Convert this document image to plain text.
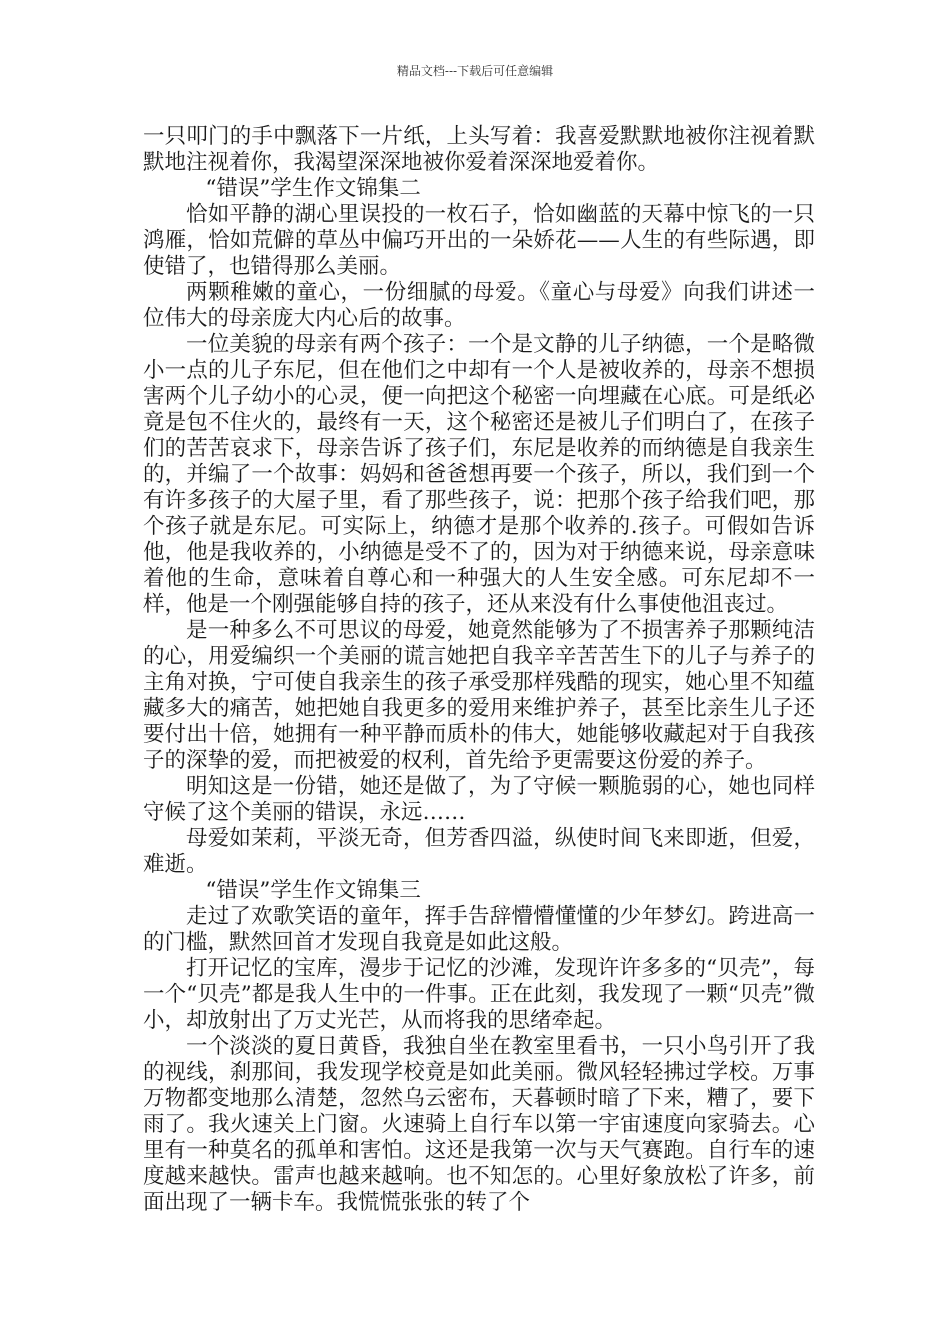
精品文档---下载后可任意编辑

一只叩门的手中飘落下一片纸，上头写着：我喜爱默默地被你注视着默默地注视着你，我渴望深深地被你爱着深深地爱着你。

“错误”学生作文锦集二

恰如平静的湖心里误投的一枚石子，恰如幽蓝的天幕中惊飞的一只鸿雁，恰如荒僻的草丛中偏巧开出的一朵娇花——人生的有些际遇，即使错了，也错得那么美丽。

两颗稚嫩的童心，一份细腻的母爱。《童心与母爱》向我们讲述一位伟大的母亲庞大内心后的故事。

一位美貌的母亲有两个孩子：一个是文静的儿子纳德，一个是略微小一点的儿子东尼，但在他们之中却有一个人是被收养的，母亲不想损害两个儿子幼小的心灵，便一向把这个秘密一向埋藏在心底。可是纸必竟是包不住火的，最终有一天，这个秘密还是被儿子们明白了，在孩子们的苦苦哀求下，母亲告诉了孩子们，东尼是收养的而纳德是自我亲生的，并编了一个故事：妈妈和爸爸想再要一个孩子，所以，我们到一个有许多孩子的大屋子里，看了那些孩子，说：把那个孩子给我们吧，那个孩子就是东尼。可实际上，纳德才是那个收养的.孩子。可假如告诉他，他是我收养的，小纳德是受不了的，因为对于纳德来说，母亲意味着他的生命，意味着自尊心和一种强大的人生安全感。可东尼却不一样，他是一个刚强能够自持的孩子，还从来没有什么事使他沮丧过。

是一种多么不可思议的母爱，她竟然能够为了不损害养子那颗纯洁的心，用爱编织一个美丽的谎言她把自我辛辛苦苦生下的儿子与养子的主角对换，宁可使自我亲生的孩子承受那样残酷的现实，她心里不知蕴藏多大的痛苦，她把她自我更多的爱用来维护养子，甚至比亲生儿子还要付出十倍，她拥有一种平静而质朴的伟大，她能够收藏起对于自我孩子的深挚的爱，而把被爱的权利，首先给予更需要这份爱的养子。

明知这是一份错，她还是做了，为了守候一颗脆弱的心，她也同样守候了这个美丽的错误，永远……

母爱如茉莉，平淡无奇，但芳香四溢，纵使时间飞来即逝，但爱，难逝。

“错误”学生作文锦集三

走过了欢歌笑语的童年，挥手告辞懵懵懂懂的少年梦幻。跨进高一的门槛，默然回首才发现自我竟是如此这般。

打开记忆的宝库，漫步于记忆的沙滩，发现许许多多的“贝壳”，每一个“贝壳”都是我人生中的一件事。正在此刻，我发现了一颗“贝壳”微小，却放射出了万丈光芒，从而将我的思绪牵起。

一个淡淡的夏日黄昏，我独自坐在教室里看书，一只小鸟引开了我的视线，刹那间，我发现学校竟是如此美丽。微风轻轻拂过学校。万事万物都变地那么清楚，忽然乌云密布，天暮顿时暗了下来，糟了，要下雨了。我火速关上门窗。火速骑上自行车以第一宇宙速度向家骑去。心里有一种莫名的孤单和害怕。这还是我第一次与天气赛跑。自行车的速度越来越快。雷声也越来越响。也不知怎的。心里好象放松了许多，前面出现了一辆卡车。我慌慌张张的转了个
